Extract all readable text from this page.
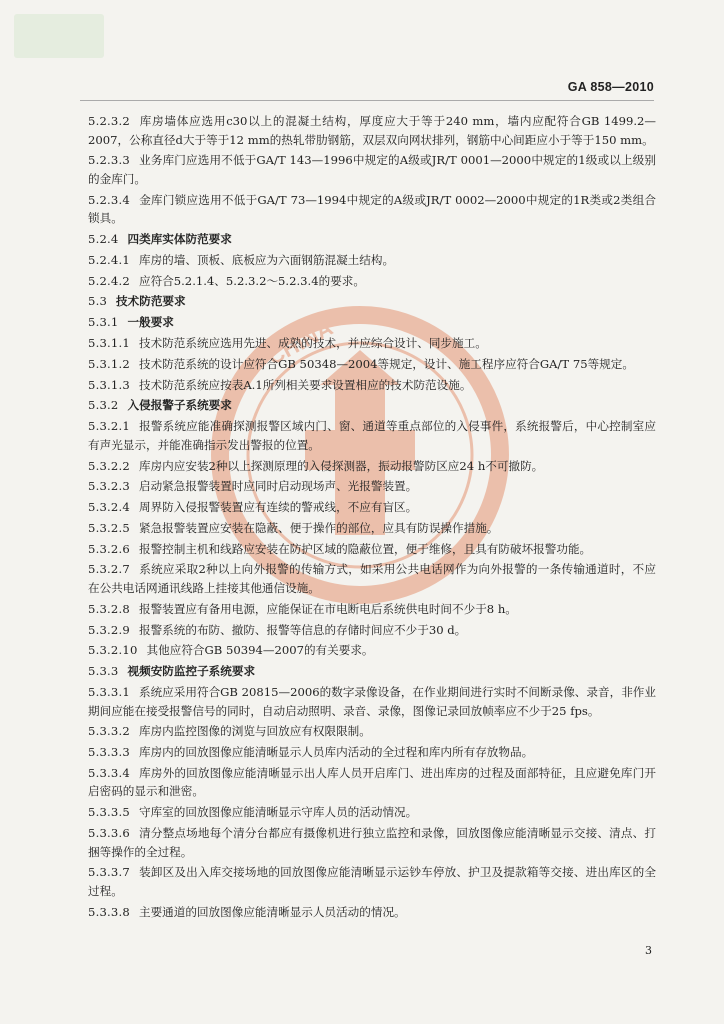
GA 858—2010
CHINA
5.2.3.2 库房墙体应选用c30以上的混凝土结构，厚度应大于等于240 mm，墙内应配符合GB 1499.2—2007，公称直径d大于等于12 mm的热轧带肋钢筋，双层双向网状排列，钢筋中心间距应小于等于150 mm。
5.2.3.3 业务库门应选用不低于GA/T 143—1996中规定的A级或JR/T 0001—2000中规定的1级或以上级别的金库门。
5.2.3.4 金库门锁应选用不低于GA/T 73—1994中规定的A级或JR/T 0002—2000中规定的1R类或2类组合锁具。
5.2.4 四类库实体防范要求
5.2.4.1 库房的墙、顶板、底板应为六面钢筋混凝土结构。
5.2.4.2 应符合5.2.1.4、5.2.3.2～5.2.3.4的要求。
5.3 技术防范要求
5.3.1 一般要求
5.3.1.1 技术防范系统应选用先进、成熟的技术，并应综合设计、同步施工。
5.3.1.2 技术防范系统的设计应符合GB 50348—2004等规定，设计、施工程序应符合GA/T 75等规定。
5.3.1.3 技术防范系统应按表A.1所列相关要求设置相应的技术防范设施。
5.3.2 入侵报警子系统要求
5.3.2.1 报警系统应能准确探测报警区域内门、窗、通道等重点部位的入侵事件，系统报警后，中心控制室应有声光显示，并能准确指示发出警报的位置。
5.3.2.2 库房内应安装2种以上探测原理的入侵探测器，振动报警防区应24 h不可撤防。
5.3.2.3 启动紧急报警装置时应同时启动现场声、光报警装置。
5.3.2.4 周界防入侵报警装置应有连续的警戒线，不应有盲区。
5.3.2.5 紧急报警装置应安装在隐蔽、便于操作的部位，应具有防误操作措施。
5.3.2.6 报警控制主机和线路应安装在防护区域的隐蔽位置，便于维修，且具有防破坏报警功能。
5.3.2.7 系统应采取2种以上向外报警的传输方式，如采用公共电话网作为向外报警的一条传输通道时，不应在公共电话网通讯线路上挂接其他通信设施。
5.3.2.8 报警装置应有备用电源，应能保证在市电断电后系统供电时间不少于8 h。
5.3.2.9 报警系统的布防、撤防、报警等信息的存储时间应不少于30 d。
5.3.2.10 其他应符合GB 50394—2007的有关要求。
5.3.3 视频安防监控子系统要求
5.3.3.1 系统应采用符合GB 20815—2006的数字录像设备，在作业期间进行实时不间断录像、录音，非作业期间应能在接受报警信号的同时，自动启动照明、录音、录像，图像记录回放帧率应不少于25 fps。
5.3.3.2 库房内监控图像的浏览与回放应有权限限制。
5.3.3.3 库房内的回放图像应能清晰显示人员库内活动的全过程和库内所有存放物品。
5.3.3.4 库房外的回放图像应能清晰显示出人库人员开启库门、进出库房的过程及面部特征，且应避免库门开启密码的显示和泄密。
5.3.3.5 守库室的回放图像应能清晰显示守库人员的活动情况。
5.3.3.6 清分整点场地每个清分台都应有摄像机进行独立监控和录像，回放图像应能清晰显示交接、清点、打捆等操作的全过程。
5.3.3.7 装卸区及出入库交接场地的回放图像应能清晰显示运钞车停放、护卫及提款箱等交接、进出库区的全过程。
5.3.3.8 主要通道的回放图像应能清晰显示人员活动的情况。
3
